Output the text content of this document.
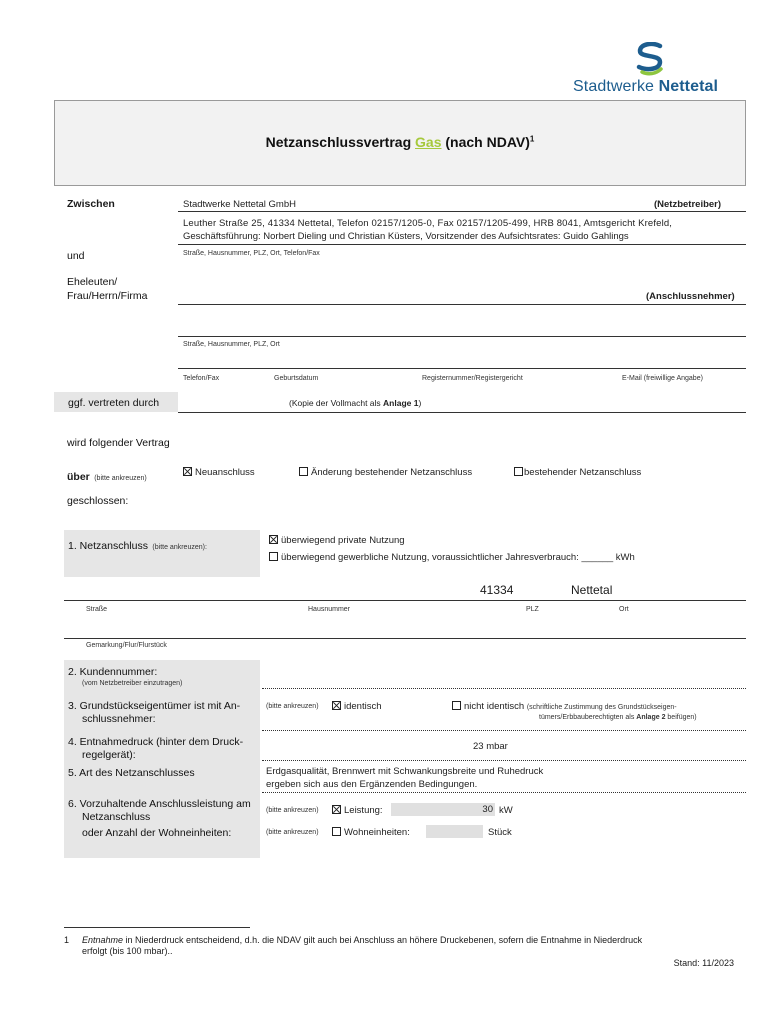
Stadtwerke Nettetal
Netzanschlussvertrag Gas (nach NDAV)$^1$
Zwischen	Stadtwerke Nettetal GmbH	(Netzbetreiber)
Leuther Straße 25, 41334 Nettetal, Telefon 02157/1205-0, Fax 02157/1205-499, HRB 8041, Amtsgericht Krefeld,
Geschäftsführung: Norbert Dieling und Christian Küsters, Vorsitzender des Aufsichtsrates: Guido Gahlings
und	Straße, Hausnummer, PLZ, Ort, Telefon/Fax
Eheleuten/
Frau/Herrn/Firma	(Anschlussnehmer)
Straße, Hausnummer, PLZ, Ort
Telefon/Fax	Geburtsdatum	Registernummer/Registergericht	E-Mail (freiwillige Angabe)
ggf. vertreten durch	(Kopie der Vollmacht als Anlage 1)
wird folgender Vertrag
über (bitte ankreuzen)
Neuanschluss	Änderung bestehender Netzanschluss	bestehender Netzanschluss
geschlossen:
1. Netzanschluss (bitte ankreuzen):
überwiegend private Nutzung
überwiegend gewerbliche Nutzung, voraussichtlicher Jahresverbrauch: ______ kWh
41334	Nettetal
Straße	Hausnummer	PLZ	Ort
Gemarkung/Flur/Flurstück
2. Kundennummer:
(vom Netzbetreiber einzutragen)
3. Grundstückseigentümer ist mit An-
schlussnehmer:
(bitte ankreuzen)	identisch	nicht identisch (schriftliche Zustimmung des Grundstückseigen-
tümers/Erbbauberechtigten als Anlage 2 beifügen)
4. Entnahmedruck (hinter dem Druck-
regelgerät):
23 mbar
5. Art des Netzanschlusses	Erdgasqualität, Brennwert mit Schwankungsbreite und Ruhedruck
ergeben sich aus den Ergänzenden Bedingungen.
6. Vorzuhaltende Anschlussleistung am
Netzanschluss
oder Anzahl der Wohneinheiten:
(bitte ankreuzen)	Leistung:	30 kW
(bitte ankreuzen)	Wohneinheiten:	Stück
1 Entnahme in Niederdruck entscheidend, d.h. die NDAV gilt auch bei Anschluss an höhere Druckebenen, sofern die Entnahme in Niederdruck
erfolgt (bis 100 mbar)..
Stand: 11/2023
